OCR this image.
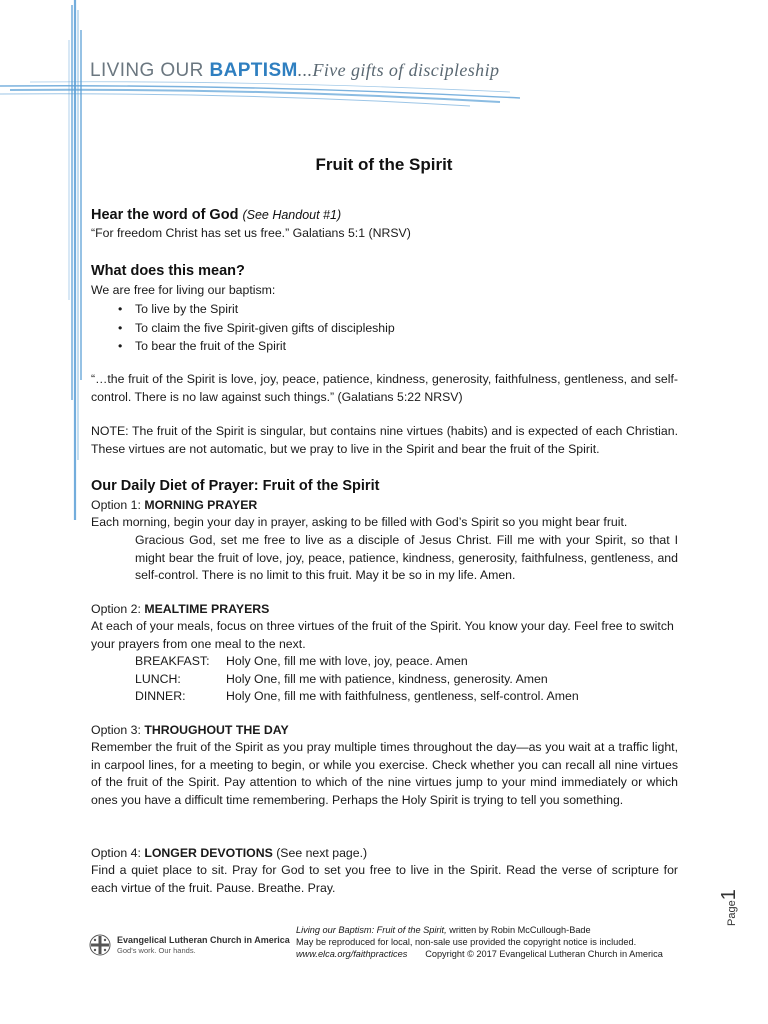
LIVING OUR BAPTISM...Five gifts of discipleship
Fruit of the Spirit
Hear the word of God (See Handout #1)
“For freedom Christ has set us free.” Galatians 5:1 (NRSV)
What does this mean?
We are free for living our baptism:
• To live by the Spirit
• To claim the five Spirit-given gifts of discipleship
• To bear the fruit of the Spirit
“…the fruit of the Spirit is love, joy, peace, patience, kindness, generosity, faithfulness, gentleness, and self-control. There is no law against such things.” (Galatians 5:22 NRSV)
NOTE: The fruit of the Spirit is singular, but contains nine virtues (habits) and is expected of each Christian. These virtues are not automatic, but we pray to live in the Spirit and bear the fruit of the Spirit.
Our Daily Diet of Prayer: Fruit of the Spirit
Option 1: MORNING PRAYER
Each morning, begin your day in prayer, asking to be filled with God’s Spirit so you might bear fruit.
Gracious God, set me free to live as a disciple of Jesus Christ. Fill me with your Spirit, so that I might bear the fruit of love, joy, peace, patience, kindness, generosity, faithfulness, gentleness, and self-control. There is no limit to this fruit. May it be so in my life. Amen.
Option 2: MEALTIME PRAYERS
At each of your meals, focus on three virtues of the fruit of the Spirit. You know your day. Feel free to switch your prayers from one meal to the next.
BREAKFAST:	Holy One, fill me with love, joy, peace. Amen
LUNCH:	Holy One, fill me with patience, kindness, generosity. Amen
DINNER:	Holy One, fill me with faithfulness, gentleness, self-control. Amen
Option 3: THROUGHOUT THE DAY
Remember the fruit of the Spirit as you pray multiple times throughout the day—as you wait at a traffic light, in carpool lines, for a meeting to begin, or while you exercise. Check whether you can recall all nine virtues of the fruit of the Spirit. Pay attention to which of the nine virtues jump to your mind immediately or which ones you have a difficult time remembering. Perhaps the Holy Spirit is trying to tell you something.
Option 4: LONGER DEVOTIONS (See next page.)
Find a quiet place to sit. Pray for God to set you free to live in the Spirit. Read the verse of scripture for each virtue of the fruit. Pause. Breathe. Pray.
Page1
Evangelical Lutheran Church in America
God’s work. Our hands.
Living our Baptism: Fruit of the Spirit, written by Robin McCullough-Bade
May be reproduced for local, non-sale use provided the copyright notice is included.
www.elca.org/faithpractices       Copyright © 2017 Evangelical Lutheran Church in America
